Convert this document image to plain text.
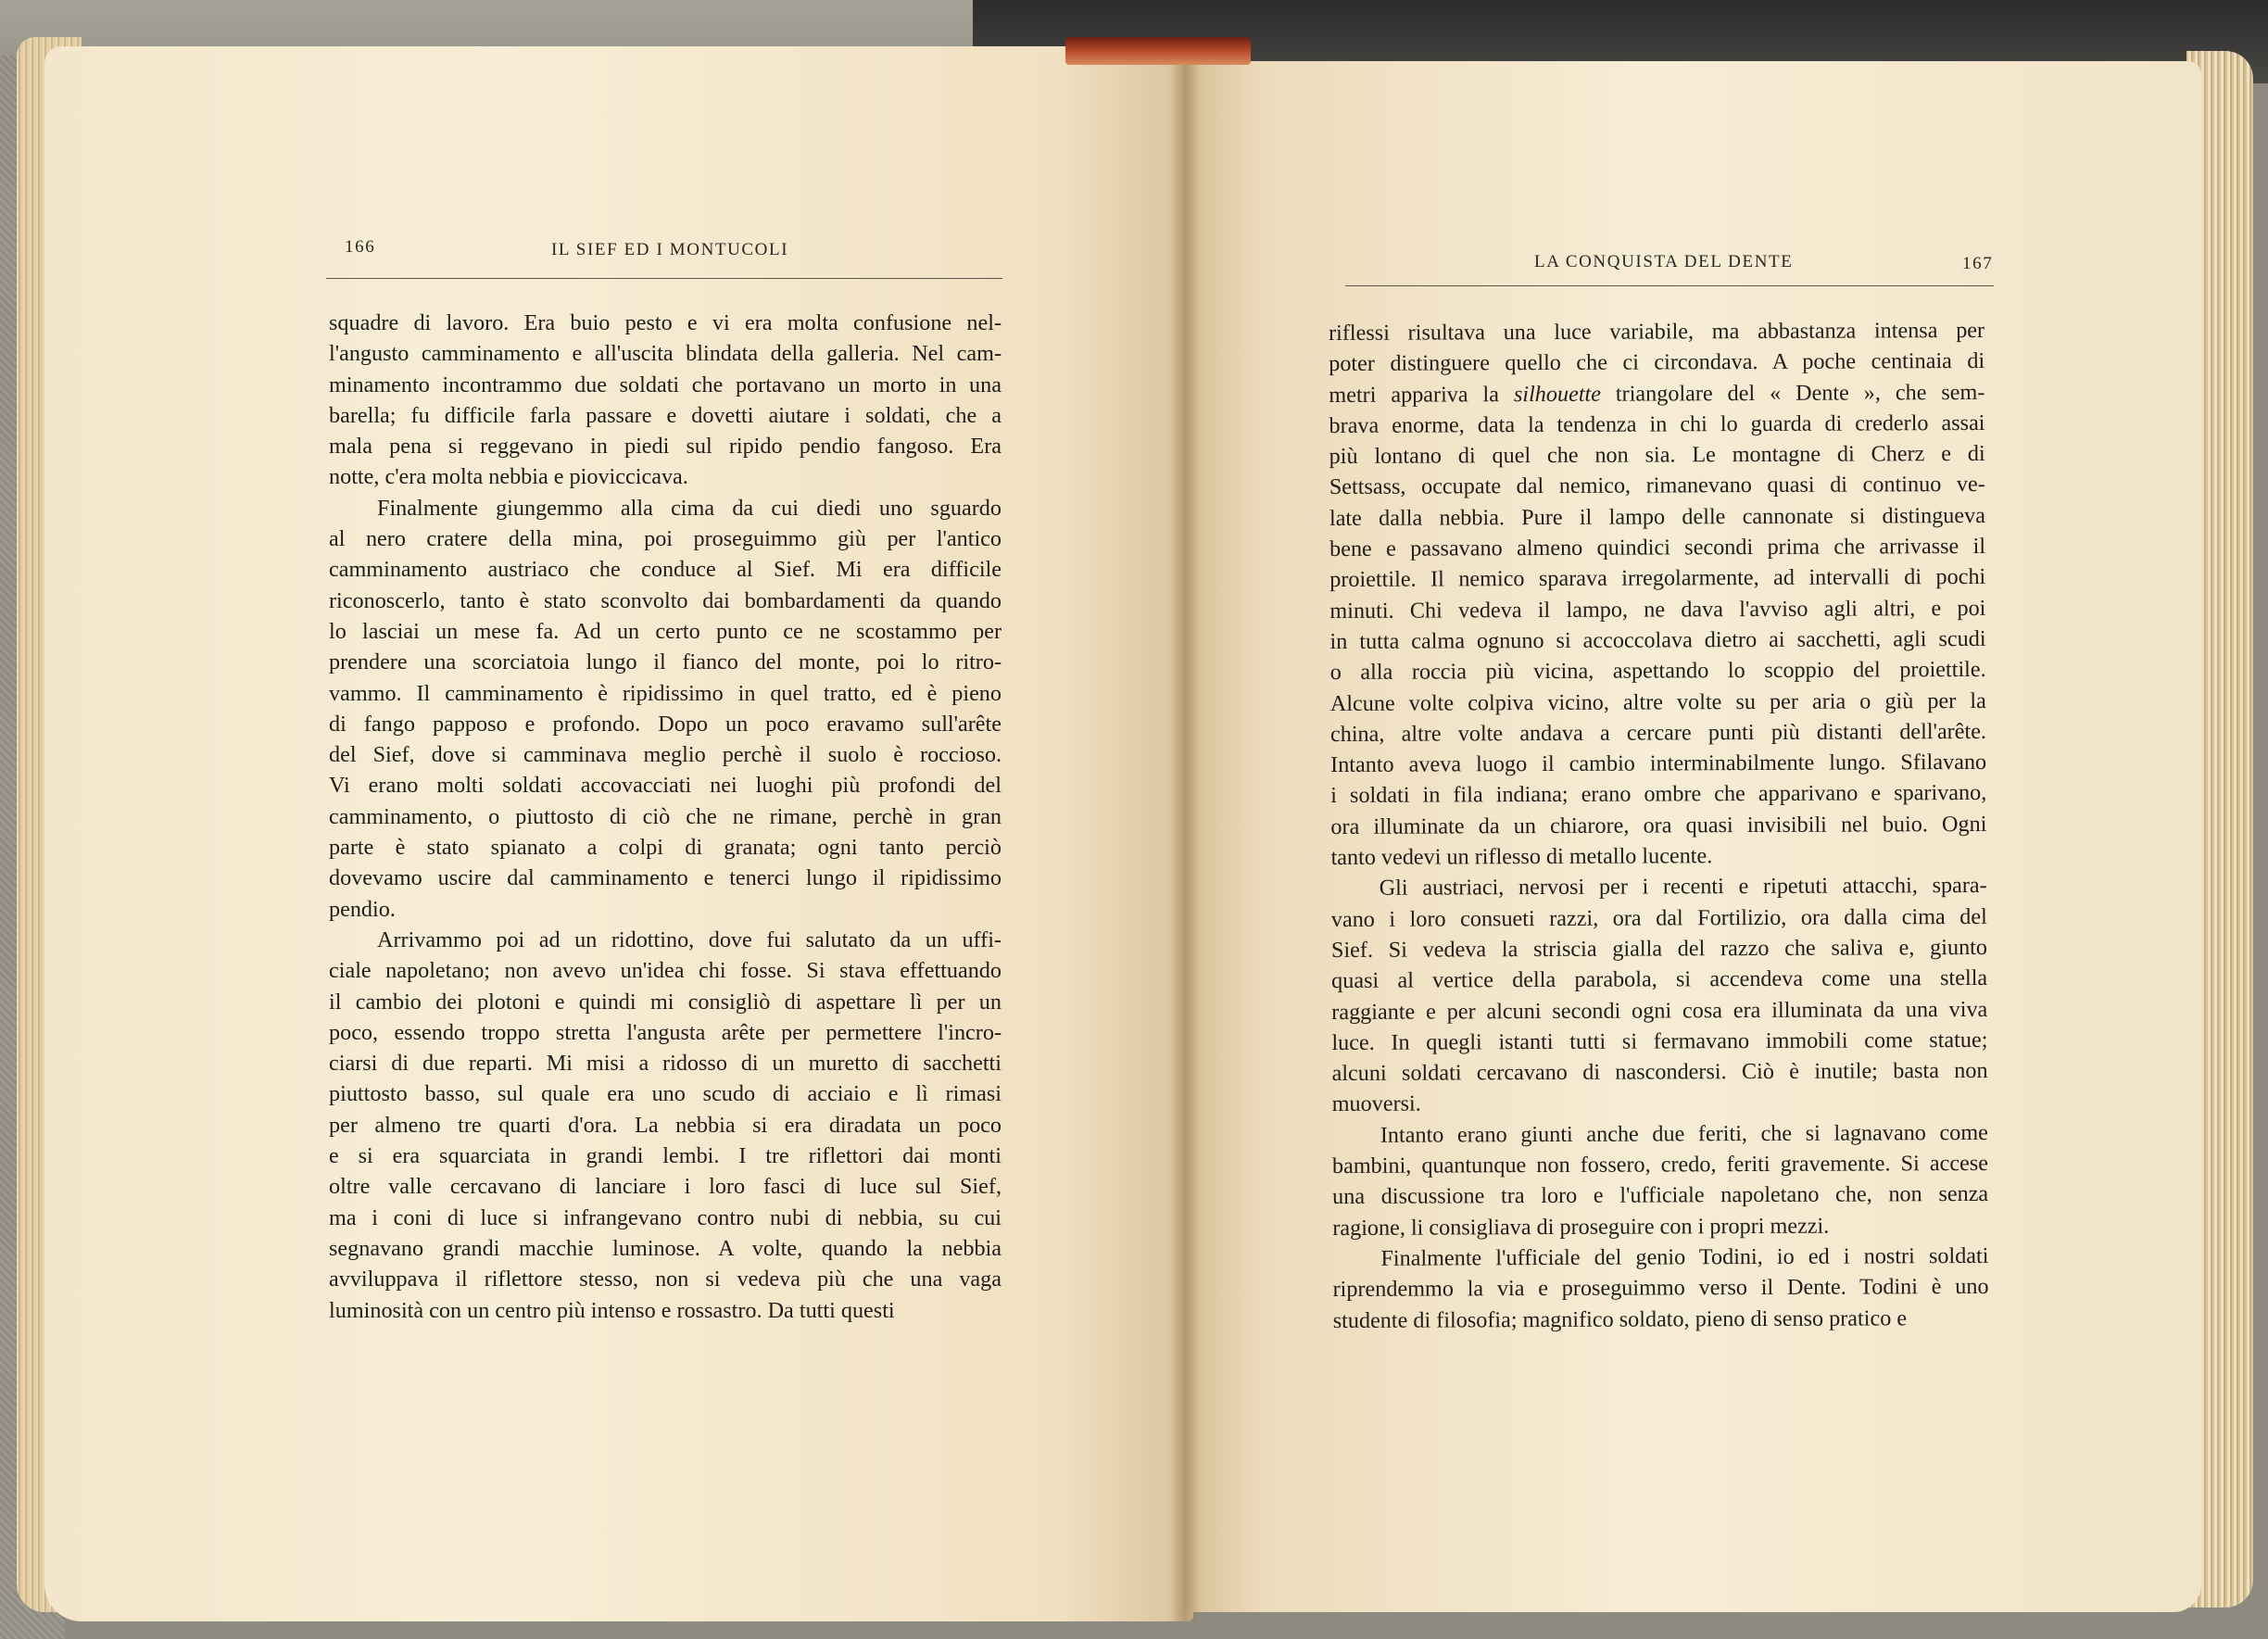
166	IL SIEF ED I MONTUCOLI
LA CONQUISTA DEL DENTE	167
squadre di lavoro. Era buio pesto e vi era molta confusione nel-
l'angusto camminamento e all'uscita blindata della galleria. Nel cam-
minamento incontrammo due soldati che portavano un morto in una
barella; fu difficile farla passare e dovetti aiutare i soldati, che a
mala pena si reggevano in piedi sul ripido pendio fangoso. Era
notte, c'era molta nebbia e pioviccicava.
Finalmente giungemmo alla cima da cui diedi uno sguardo
al nero cratere della mina, poi proseguimmo giù per l'antico
camminamento austriaco che conduce al Sief. Mi era difficile
riconoscerlo, tanto è stato sconvolto dai bombardamenti da quando
lo lasciai un mese fa. Ad un certo punto ce ne scostammo per
prendere una scorciatoia lungo il fianco del monte, poi lo ritro-
vammo. Il camminamento è ripidissimo in quel tratto, ed è pieno
di fango papposo e profondo. Dopo un poco eravamo sull'arête
del Sief, dove si camminava meglio perchè il suolo è roccioso.
Vi erano molti soldati accovacciati nei luoghi più profondi del
camminamento, o piuttosto di ciò che ne rimane, perchè in gran
parte è stato spianato a colpi di granata; ogni tanto perciò
dovevamo uscire dal camminamento e tenerci lungo il ripidissimo
pendio.
Arrivammo poi ad un ridottino, dove fui salutato da un uffi-
ciale napoletano; non avevo un'idea chi fosse. Si stava effettuando
il cambio dei plotoni e quindi mi consigliò di aspettare lì per un
poco, essendo troppo stretta l'angusta arête per permettere l'incro-
ciarsi di due reparti. Mi misi a ridosso di un muretto di sacchetti
piuttosto basso, sul quale era uno scudo di acciaio e lì rimasi
per almeno tre quarti d'ora. La nebbia si era diradata un poco
e si era squarciata in grandi lembi. I tre riflettori dai monti
oltre valle cercavano di lanciare i loro fasci di luce sul Sief,
ma i coni di luce si infrangevano contro nubi di nebbia, su cui
segnavano grandi macchie luminose. A volte, quando la nebbia
avviluppava il riflettore stesso, non si vedeva più che una vaga
luminosità con un centro più intenso e rossastro. Da tutti questi
riflessi risultava una luce variabile, ma abbastanza intensa per
poter distinguere quello che ci circondava. A poche centinaia di
metri appariva la silhouette triangolare del « Dente », che sem-
brava enorme, data la tendenza in chi lo guarda di crederlo assai
più lontano di quel che non sia. Le montagne di Cherz e di
Settsass, occupate dal nemico, rimanevano quasi di continuo ve-
late dalla nebbia. Pure il lampo delle cannonate si distingueva
bene e passavano almeno quindici secondi prima che arrivasse il
proiettile. Il nemico sparava irregolarmente, ad intervalli di pochi
minuti. Chi vedeva il lampo, ne dava l'avviso agli altri, e poi
in tutta calma ognuno si accoccolava dietro ai sacchetti, agli scudi
o alla roccia più vicina, aspettando lo scoppio del proiettile.
Alcune volte colpiva vicino, altre volte su per aria o giù per la
china, altre volte andava a cercare punti più distanti dell'arête.
Intanto aveva luogo il cambio interminabilmente lungo. Sfilavano
i soldati in fila indiana; erano ombre che apparivano e sparivano,
ora illuminate da un chiarore, ora quasi invisibili nel buio. Ogni
tanto vedevi un riflesso di metallo lucente.
Gli austriaci, nervosi per i recenti e ripetuti attacchi, spara-
vano i loro consueti razzi, ora dal Fortilizio, ora dalla cima del
Sief. Si vedeva la striscia gialla del razzo che saliva e, giunto
quasi al vertice della parabola, si accendeva come una stella
raggiante e per alcuni secondi ogni cosa era illuminata da una viva
luce. In quegli istanti tutti si fermavano immobili come statue;
alcuni soldati cercavano di nascondersi. Ciò è inutile; basta non
muoversi.
Intanto erano giunti anche due feriti, che si lagnavano come
bambini, quantunque non fossero, credo, feriti gravemente. Si accese
una discussione tra loro e l'ufficiale napoletano che, non senza
ragione, li consigliava di proseguire con i propri mezzi.
Finalmente l'ufficiale del genio Todini, io ed i nostri soldati
riprendemmo la via e proseguimmo verso il Dente. Todini è uno
studente di filosofia; magnifico soldato, pieno di senso pratico e
